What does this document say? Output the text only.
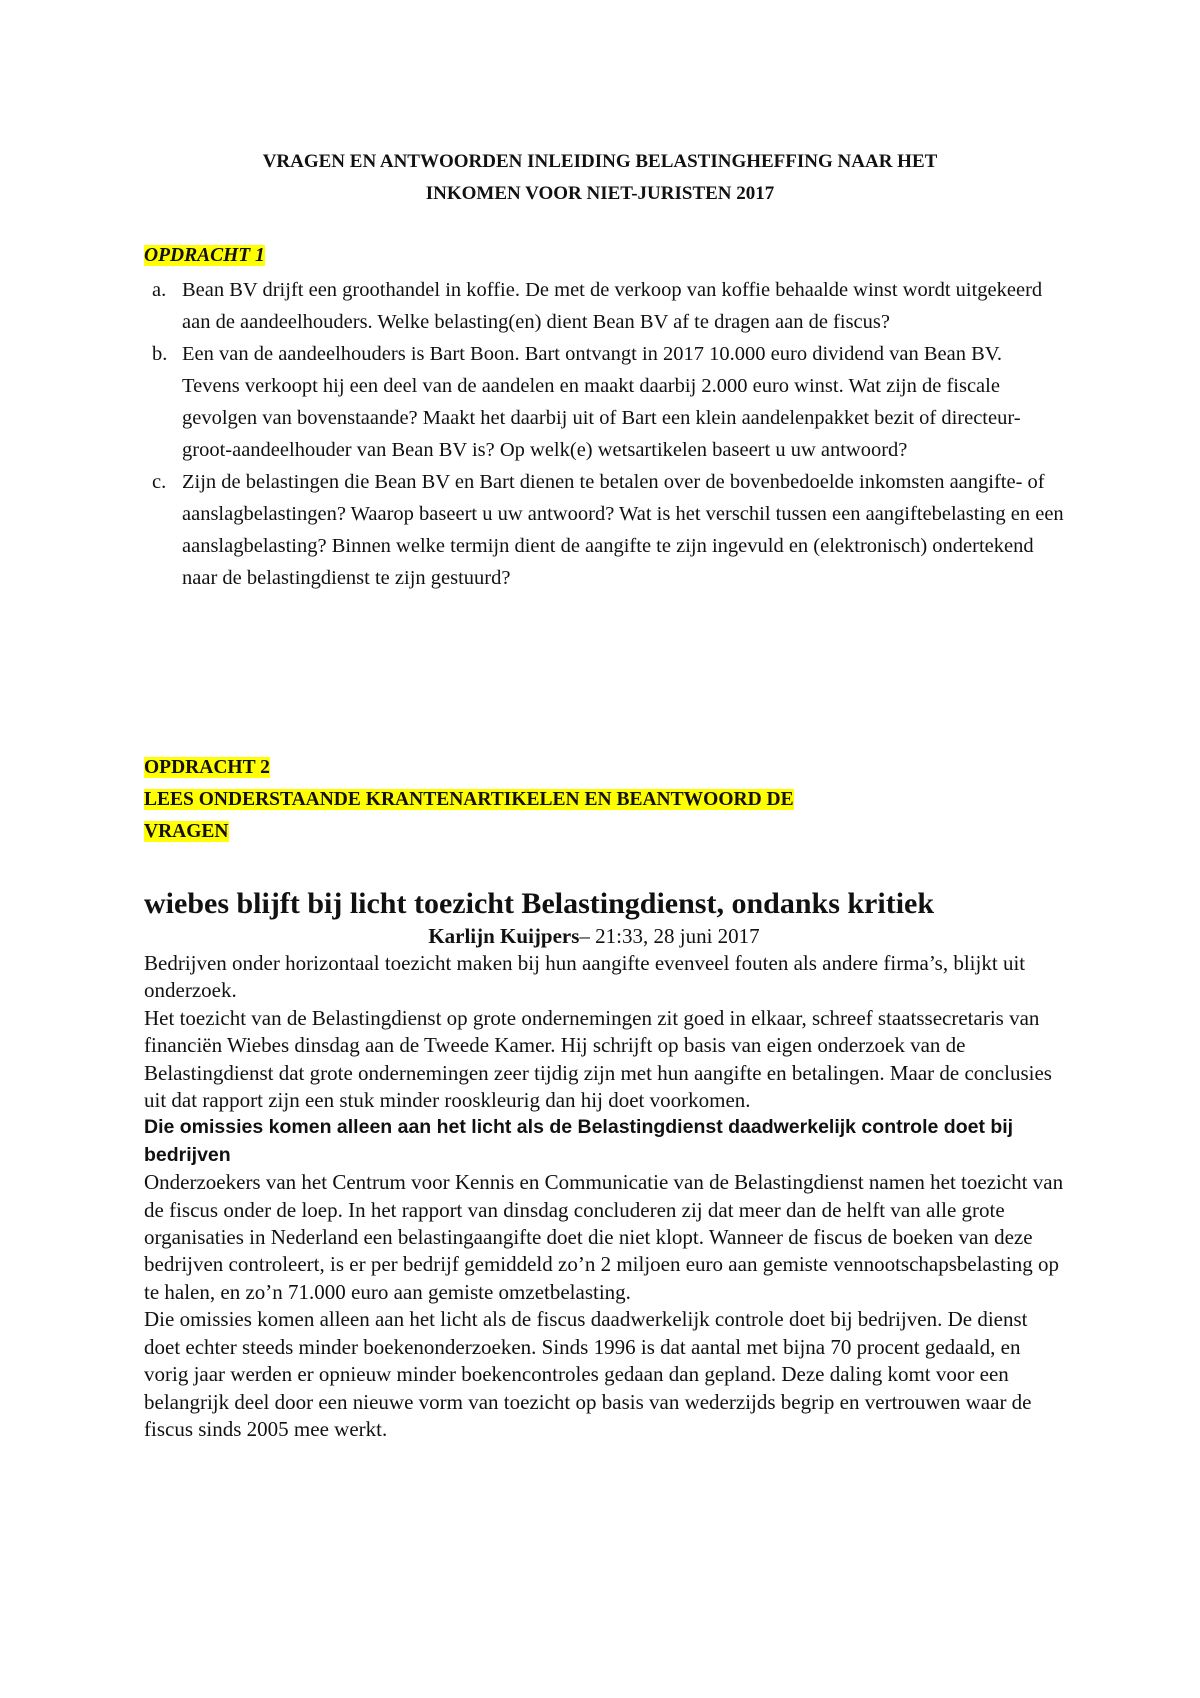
VRAGEN EN ANTWOORDEN INLEIDING BELASTINGHEFFING NAAR HET
INKOMEN VOOR NIET-JURISTEN 2017
OPDRACHT 1
a. Bean BV drijft een groothandel in koffie. De met de verkoop van koffie behaalde winst wordt uitgekeerd aan de aandeelhouders. Welke belasting(en) dient Bean BV af te dragen aan de fiscus?
b. Een van de aandeelhouders is Bart Boon. Bart ontvangt in 2017 10.000 euro dividend van Bean BV. Tevens verkoopt hij een deel van de aandelen en maakt daarbij 2.000 euro winst. Wat zijn de fiscale gevolgen van bovenstaande? Maakt het daarbij uit of Bart een klein aandelenpakket bezit of directeur-groot-aandeelhouder van Bean BV is? Op welk(e) wetsartikelen baseert u uw antwoord?
c. Zijn de belastingen die Bean BV en Bart dienen te betalen over de bovenbedoelde inkomsten aangifte- of aanslagbelastingen? Waarop baseert u uw antwoord? Wat is het verschil tussen een aangiftebelasting en een aanslagbelasting? Binnen welke termijn dient de aangifte te zijn ingevuld en (elektronisch) ondertekend naar de belastingdienst te zijn gestuurd?
OPDRACHT 2
LEES ONDERSTAANDE KRANTENARTIKELEN EN BEANTWOORD DE
VRAGEN
wiebes blijft bij licht toezicht Belastingdienst, ondanks kritiek
Karlijn Kuijpers– 21:33, 28 juni 2017

Bedrijven onder horizontaal toezicht maken bij hun aangifte evenveel fouten als andere firma’s, blijkt uit onderzoek.

Het toezicht van de Belastingdienst op grote ondernemingen zit goed in elkaar, schreef staatssecretaris van financiën Wiebes dinsdag aan de Tweede Kamer. Hij schrijft op basis van eigen onderzoek van de Belastingdienst dat grote ondernemingen zeer tijdig zijn met hun aangifte en betalingen. Maar de conclusies uit dat rapport zijn een stuk minder rooskleurig dan hij doet voorkomen.

Die omissies komen alleen aan het licht als de Belastingdienst daadwerkelijk controle doet bij bedrijven

Onderzoekers van het Centrum voor Kennis en Communicatie van de Belastingdienst namen het toezicht van de fiscus onder de loep. In het rapport van dinsdag concluderen zij dat meer dan de helft van alle grote organisaties in Nederland een belastingaangifte doet die niet klopt. Wanneer de fiscus de boeken van deze bedrijven controleert, is er per bedrijf gemiddeld zo’n 2 miljoen euro aan gemiste vennootschapsbelasting op te halen, en zo’n 71.000 euro aan gemiste omzetbelasting.

Die omissies komen alleen aan het licht als de fiscus daadwerkelijk controle doet bij bedrijven. De dienst doet echter steeds minder boekenonderzoeken. Sinds 1996 is dat aantal met bijna 70 procent gedaald, en vorig jaar werden er opnieuw minder boekencontroles gedaan dan gepland. Deze daling komt voor een belangrijk deel door een nieuwe vorm van toezicht op basis van wederzijds begrip en vertrouwen waar de fiscus sinds 2005 mee werkt.
